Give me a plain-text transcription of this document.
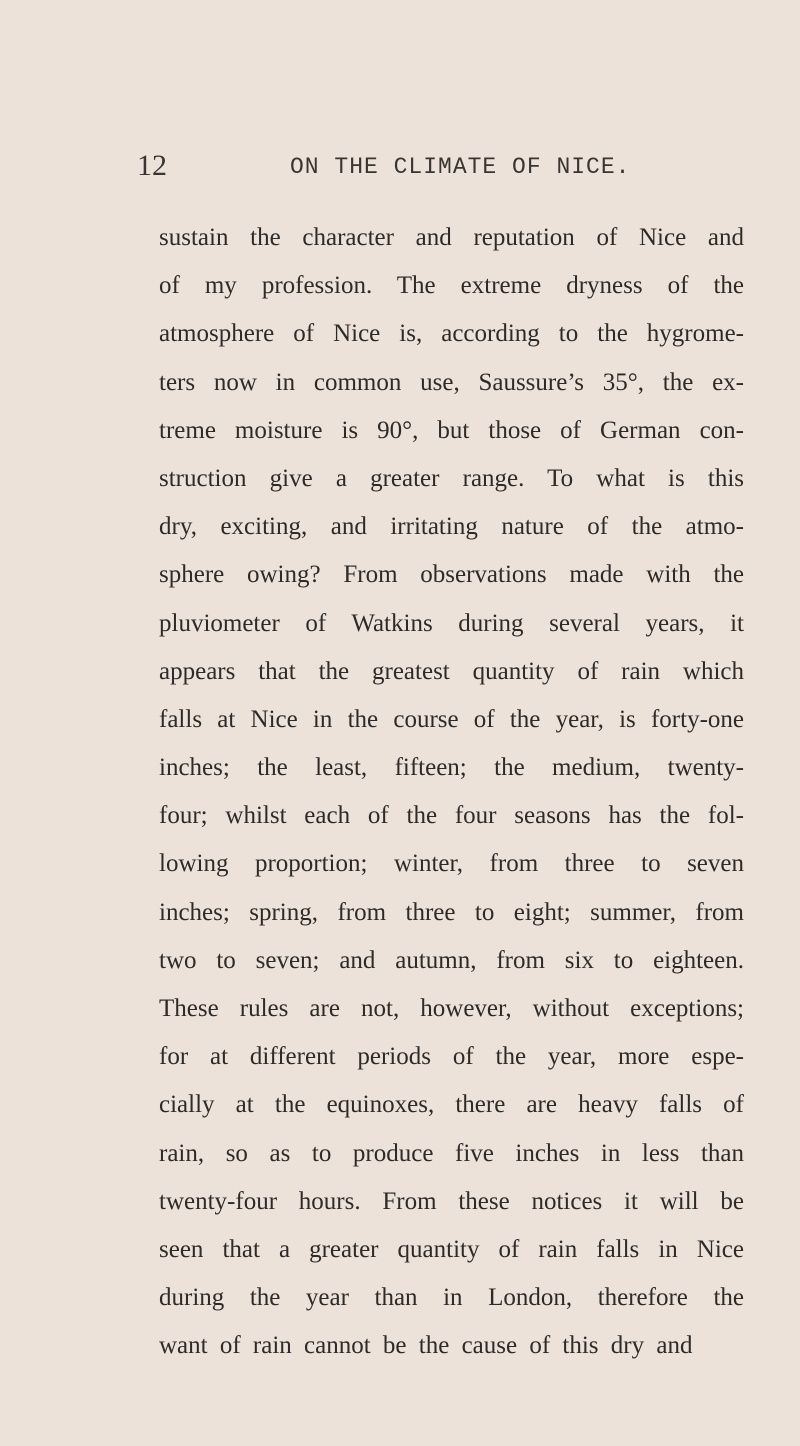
12	ON THE CLIMATE OF NICE.
sustain the character and reputation of Nice and
of my profession. The extreme dryness of the
atmosphere of Nice is, according to the hygrome-
ters now in common use, Saussure’s 35°, the ex-
treme moisture is 90°, but those of German con-
struction give a greater range. To what is this
dry, exciting, and irritating nature of the atmo-
sphere owing? From observations made with the
pluviometer of Watkins during several years, it
appears that the greatest quantity of rain which
falls at Nice in the course of the year, is forty-one
inches; the least, fifteen; the medium, twenty-
four; whilst each of the four seasons has the fol-
lowing proportion; winter, from three to seven
inches; spring, from three to eight; summer, from
two to seven; and autumn, from six to eighteen.
These rules are not, however, without exceptions;
for at different periods of the year, more espe-
cially at the equinoxes, there are heavy falls of
rain, so as to produce five inches in less than
twenty-four hours. From these notices it will be
seen that a greater quantity of rain falls in Nice
during the year than in London, therefore the
want of rain cannot be the cause of this dry and
